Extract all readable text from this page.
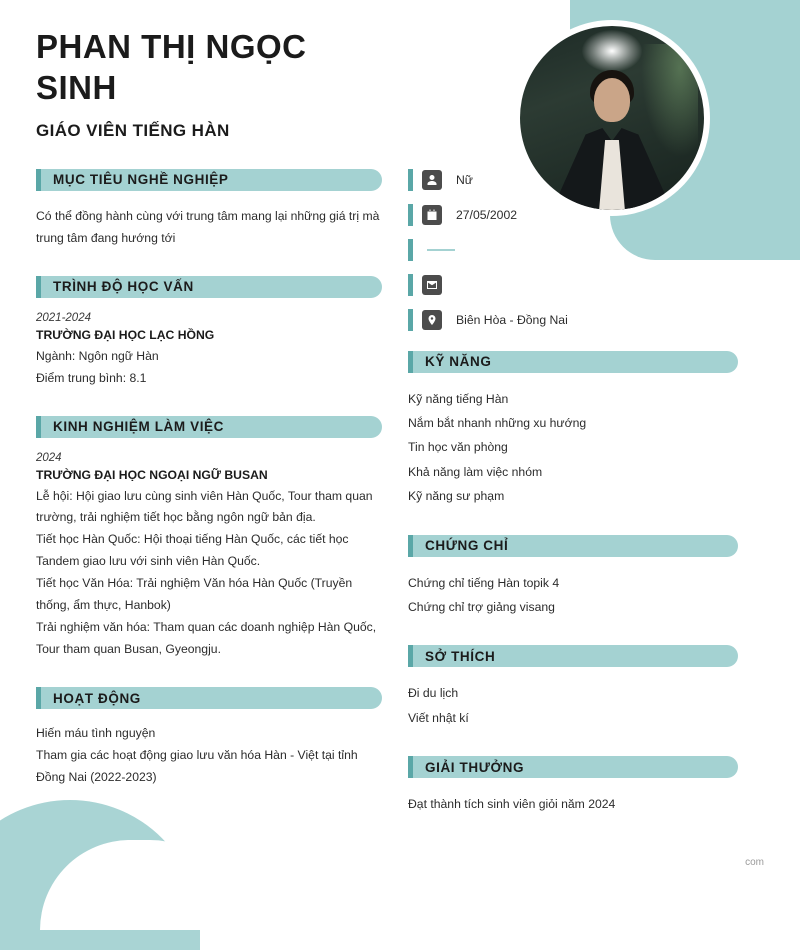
PHAN THỊ NGỌC SINH
GIÁO VIÊN TIẾNG HÀN
MỤC TIÊU NGHỀ NGHIỆP

Có thể đồng hành cùng với trung tâm mang lại những giá trị mà trung tâm đang hướng tới

TRÌNH ĐỘ HỌC VẤN

2021-2024

TRƯỜNG ĐẠI HỌC LẠC HỒNG

Ngành: Ngôn ngữ Hàn

Điểm trung bình: 8.1

KINH NGHIỆM LÀM VIỆC

2024

TRƯỜNG ĐẠI HỌC NGOẠI NGỮ BUSAN

Lễ hội: Hội giao lưu cùng sinh viên Hàn Quốc, Tour tham quan trường, trải nghiệm tiết học bằng ngôn ngữ bản địa.

Tiết học Hàn Quốc: Hội thoại tiếng Hàn Quốc, các tiết học Tandem giao lưu với sinh viên Hàn Quốc.

Tiết học Văn Hóa: Trải nghiệm Văn hóa Hàn Quốc (Truyền thống, ẩm thực, Hanbok)

Trải nghiệm văn hóa: Tham quan các doanh nghiệp Hàn Quốc, Tour tham quan Busan, Gyeongju.

HOẠT ĐỘNG

Hiến máu tình nguyện

Tham gia các hoạt động giao lưu văn hóa Hàn - Việt tại tỉnh Đồng Nai (2022-2023)

Nữ
27/05/2002
Biên Hòa - Đồng Nai
KỸ NĂNG
Kỹ năng tiếng Hàn
Nắm bắt nhanh những xu hướng
Tin học văn phòng
Khả năng làm việc nhóm
Kỹ năng sư phạm
CHỨNG CHỈ
Chứng chỉ tiếng Hàn topik 4
Chứng chỉ trợ giảng visang
SỞ THÍCH
Đi du lịch
Viết nhật kí
GIẢI THƯỞNG
Đạt thành tích sinh viên giỏi năm 2024
com
